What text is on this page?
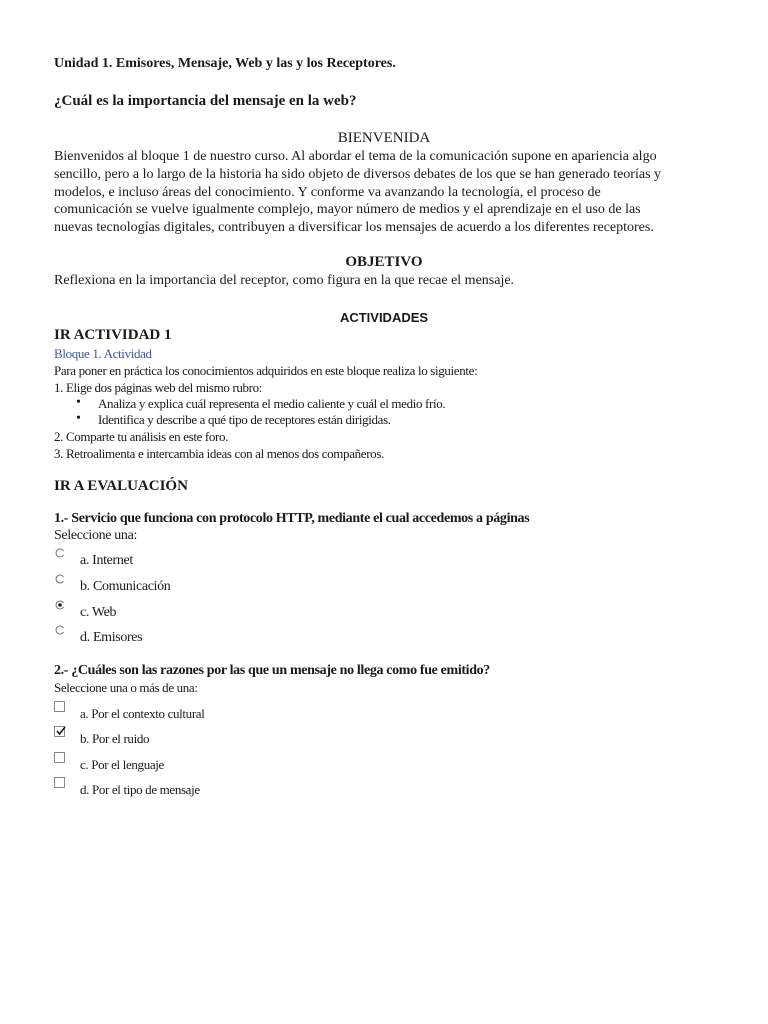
Unidad 1. Emisores, Mensaje, Web y las y los Receptores.
¿Cuál es la importancia del mensaje en la web?
BIENVENIDA
Bienvenidos al bloque 1 de nuestro curso. Al abordar el tema de la comunicación supone en apariencia algo
sencillo, pero a lo largo de la historia ha sido objeto de diversos debates de los que se han generado teorías y
modelos, e incluso áreas del conocimiento. Y conforme va avanzando la tecnología, el proceso de
comunicación se vuelve igualmente complejo, mayor número de medios y el aprendizaje en el uso de las
nuevas tecnologías digitales, contribuyen a diversificar los mensajes de acuerdo a los diferentes receptores.
OBJETIVO
Reflexiona en la importancia del receptor, como figura en la que recae el mensaje.
ACTIVIDADES
IR ACTIVIDAD 1
Bloque 1. Actividad
Para poner en práctica los conocimientos adquiridos en este bloque realiza lo siguiente:
1. Elige dos páginas web del mismo rubro:
• Analiza y explica cuál representa el medio caliente y cuál el medio frío.
• Identifica y describe a qué tipo de receptores están dirigidas.
2. Comparte tu análisis en este foro.
3. Retroalimenta e intercambia ideas con al menos dos compañeros.
IR A EVALUACIÓN
1.- Servicio que funciona con protocolo HTTP, mediante el cual accedemos a páginas
Seleccione una:
a. Internet
b. Comunicación
c. Web
d. Emisores
2.- ¿Cuáles son las razones por las que un mensaje no llega como fue emitido?
Seleccione una o más de una:
a. Por el contexto cultural
b. Por el ruido
c. Por el lenguaje
d. Por el tipo de mensaje
